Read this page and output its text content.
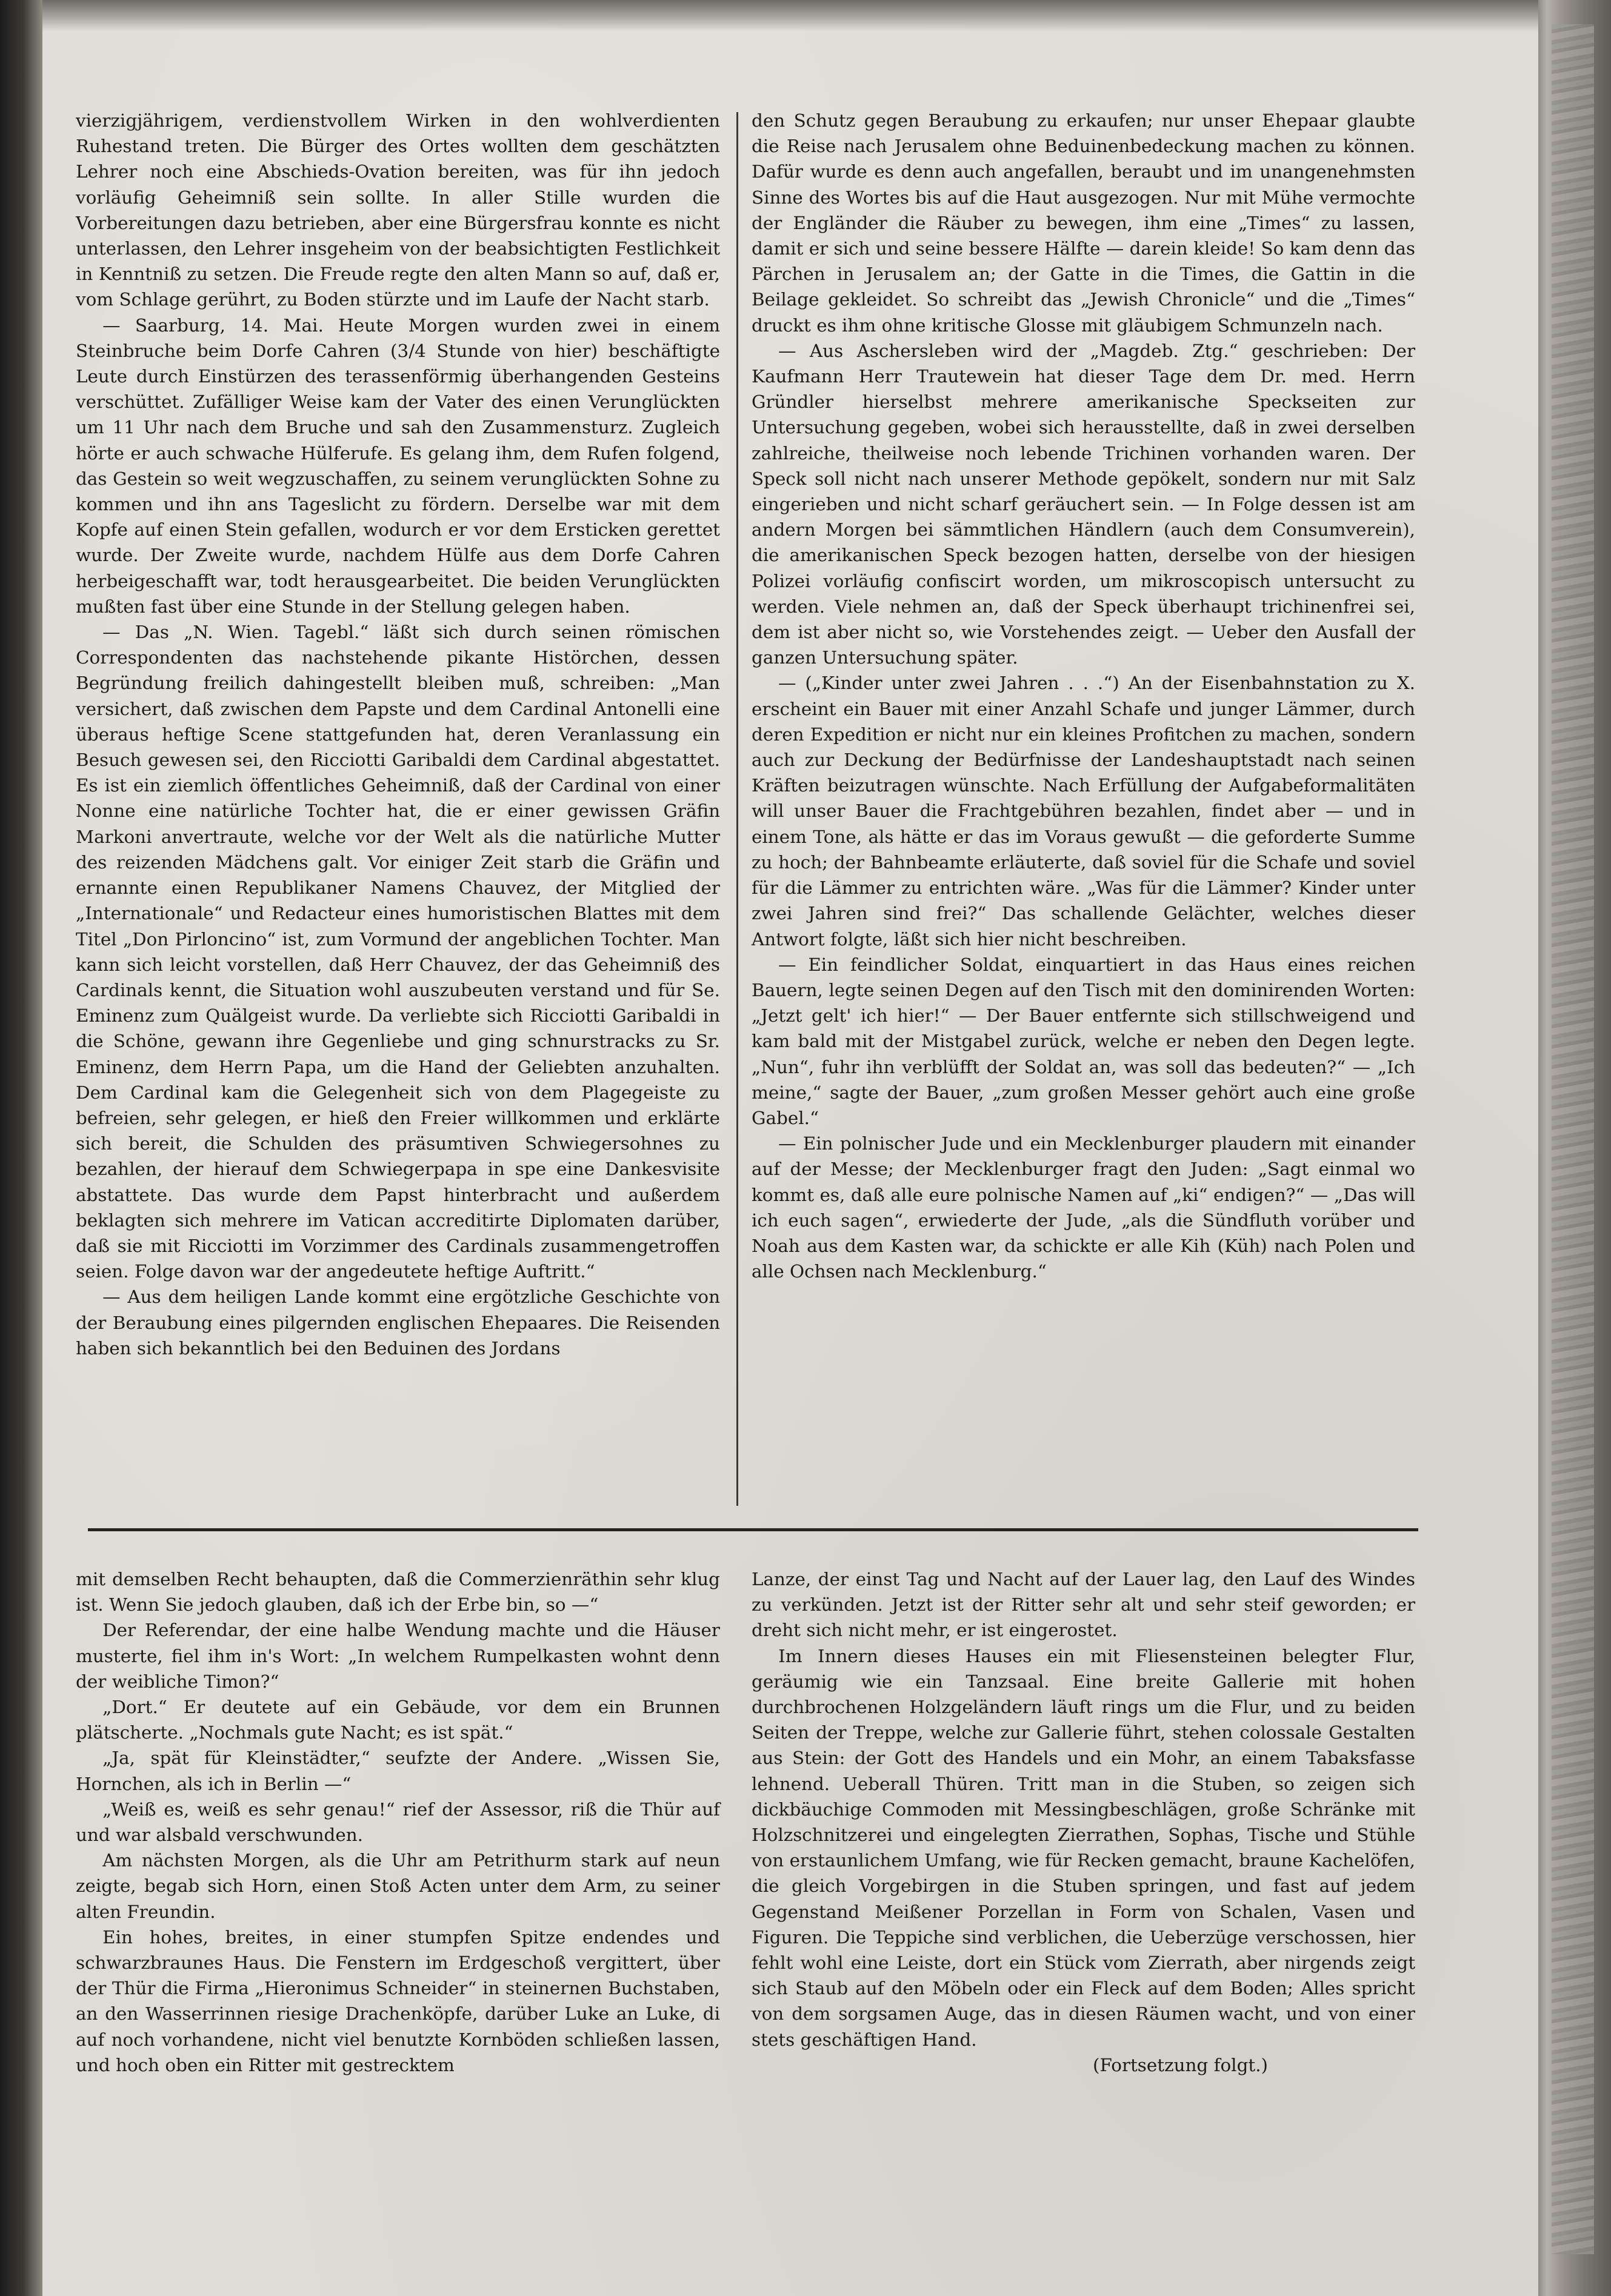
vierzigjährigem, verdienstvollem Wirken in den wohlverdienten Ruhestand treten. Die Bürger des Ortes wollten dem geschätzten Lehrer noch eine Abschieds-Ovation bereiten, was für ihn jedoch vorläufig Geheimniß sein sollte. In aller Stille wurden die Vorbereitungen dazu betrieben, aber eine Bürgersfrau konnte es nicht unterlassen, den Lehrer insgeheim von der beabsichtigten Festlichkeit in Kenntniß zu setzen. Die Freude regte den alten Mann so auf, daß er, vom Schlage gerührt, zu Boden stürzte und im Laufe der Nacht starb.

— Saarburg, 14. Mai. Heute Morgen wurden zwei in einem Steinbruche beim Dorfe Cahren (3/4 Stunde von hier) beschäftigte Leute durch Einstürzen des terassenförmig überhangenden Gesteins verschüttet. Zufälliger Weise kam der Vater des einen Verunglückten um 11 Uhr nach dem Bruche und sah den Zusammensturz. Zugleich hörte er auch schwache Hülferufe. Es gelang ihm, dem Rufen folgend, das Gestein so weit wegzuschaffen, zu seinem verunglückten Sohne zu kommen und ihn ans Tageslicht zu fördern. Derselbe war mit dem Kopfe auf einen Stein gefallen, wodurch er vor dem Ersticken gerettet wurde. Der Zweite wurde, nachdem Hülfe aus dem Dorfe Cahren herbeigeschafft war, todt herausgearbeitet. Die beiden Verunglückten mußten fast über eine Stunde in der Stellung gelegen haben.

— Das „N. Wien. Tagebl.“ läßt sich durch seinen römischen Correspondenten das nachstehende pikante Histörchen, dessen Begründung freilich dahingestellt bleiben muß, schreiben: „Man versichert, daß zwischen dem Papste und dem Cardinal Antonelli eine überaus heftige Scene stattgefunden hat, deren Veranlassung ein Besuch gewesen sei, den Ricciotti Garibaldi dem Cardinal abgestattet. Es ist ein ziemlich öffentliches Geheimniß, daß der Cardinal von einer Nonne eine natürliche Tochter hat, die er einer gewissen Gräfin Markoni anvertraute, welche vor der Welt als die natürliche Mutter des reizenden Mädchens galt. Vor einiger Zeit starb die Gräfin und ernannte einen Republikaner Namens Chauvez, der Mitglied der „Internationale“ und Redacteur eines humoristischen Blattes mit dem Titel „Don Pirloncino“ ist, zum Vormund der angeblichen Tochter. Man kann sich leicht vorstellen, daß Herr Chauvez, der das Geheimniß des Cardinals kennt, die Situation wohl auszubeuten verstand und für Se. Eminenz zum Quälgeist wurde. Da verliebte sich Ricciotti Garibaldi in die Schöne, gewann ihre Gegenliebe und ging schnurstracks zu Sr. Eminenz, dem Herrn Papa, um die Hand der Geliebten anzuhalten. Dem Cardinal kam die Gelegenheit sich von dem Plagegeiste zu befreien, sehr gelegen, er hieß den Freier willkommen und erklärte sich bereit, die Schulden des präsumtiven Schwiegersohnes zu bezahlen, der hierauf dem Schwiegerpapa in spe eine Dankesvisite abstattete. Das wurde dem Papst hinterbracht und außerdem beklagten sich mehrere im Vatican accreditirte Diplomaten darüber, daß sie mit Ricciotti im Vorzimmer des Cardinals zusammengetroffen seien. Folge davon war der angedeutete heftige Auftritt.“

— Aus dem heiligen Lande kommt eine ergötzliche Geschichte von der Beraubung eines pilgernden englischen Ehepaares. Die Reisenden haben sich bekanntlich bei den Beduinen des Jordans

den Schutz gegen Beraubung zu erkaufen; nur unser Ehepaar glaubte die Reise nach Jerusalem ohne Beduinenbedeckung machen zu können. Dafür wurde es denn auch angefallen, beraubt und im unangenehmsten Sinne des Wortes bis auf die Haut ausgezogen. Nur mit Mühe vermochte der Engländer die Räuber zu bewegen, ihm eine „Times“ zu lassen, damit er sich und seine bessere Hälfte — darein kleide! So kam denn das Pärchen in Jerusalem an; der Gatte in die Times, die Gattin in die Beilage gekleidet. So schreibt das „Jewish Chronicle“ und die „Times“ druckt es ihm ohne kritische Glosse mit gläubigem Schmunzeln nach.

— Aus Aschersleben wird der „Magdeb. Ztg.“ geschrieben: Der Kaufmann Herr Trautewein hat dieser Tage dem Dr. med. Herrn Gründler hierselbst mehrere amerikanische Speckseiten zur Untersuchung gegeben, wobei sich herausstellte, daß in zwei derselben zahlreiche, theilweise noch lebende Trichinen vorhanden waren. Der Speck soll nicht nach unserer Methode gepökelt, sondern nur mit Salz eingerieben und nicht scharf geräuchert sein. — In Folge dessen ist am andern Morgen bei sämmtlichen Händlern (auch dem Consumverein), die amerikanischen Speck bezogen hatten, derselbe von der hiesigen Polizei vorläufig confiscirt worden, um mikroscopisch untersucht zu werden. Viele nehmen an, daß der Speck überhaupt trichinenfrei sei, dem ist aber nicht so, wie Vorstehendes zeigt. — Ueber den Ausfall der ganzen Untersuchung später.

— („Kinder unter zwei Jahren . . .“) An der Eisenbahnstation zu X. erscheint ein Bauer mit einer Anzahl Schafe und junger Lämmer, durch deren Expedition er nicht nur ein kleines Profitchen zu machen, sondern auch zur Deckung der Bedürfnisse der Landeshauptstadt nach seinen Kräften beizutragen wünschte. Nach Erfüllung der Aufgabeformalitäten will unser Bauer die Frachtgebühren bezahlen, findet aber — und in einem Tone, als hätte er das im Voraus gewußt — die geforderte Summe zu hoch; der Bahnbeamte erläuterte, daß soviel für die Schafe und soviel für die Lämmer zu entrichten wäre. „Was für die Lämmer? Kinder unter zwei Jahren sind frei?“ Das schallende Gelächter, welches dieser Antwort folgte, läßt sich hier nicht beschreiben.

— Ein feindlicher Soldat, einquartiert in das Haus eines reichen Bauern, legte seinen Degen auf den Tisch mit den dominirenden Worten: „Jetzt gelt' ich hier!“ — Der Bauer entfernte sich stillschweigend und kam bald mit der Mistgabel zurück, welche er neben den Degen legte. „Nun“, fuhr ihn verblüfft der Soldat an, was soll das bedeuten?“ — „Ich meine,“ sagte der Bauer, „zum großen Messer gehört auch eine große Gabel.“

— Ein polnischer Jude und ein Mecklenburger plaudern mit einander auf der Messe; der Mecklenburger fragt den Juden: „Sagt einmal wo kommt es, daß alle eure polnische Namen auf „ki“ endigen?“ — „Das will ich euch sagen“, erwiederte der Jude, „als die Sündfluth vorüber und Noah aus dem Kasten war, da schickte er alle Kih (Küh) nach Polen und alle Ochsen nach Mecklenburg.“

mit demselben Recht behaupten, daß die Commerzienräthin sehr klug ist. Wenn Sie jedoch glauben, daß ich der Erbe bin, so —“

Der Referendar, der eine halbe Wendung machte und die Häuser musterte, fiel ihm in's Wort: „In welchem Rumpelkasten wohnt denn der weibliche Timon?“

„Dort.“ Er deutete auf ein Gebäude, vor dem ein Brunnen plätscherte. „Nochmals gute Nacht; es ist spät.“

„Ja, spät für Kleinstädter,“ seufzte der Andere. „Wissen Sie, Hornchen, als ich in Berlin —“

„Weiß es, weiß es sehr genau!“ rief der Assessor, riß die Thür auf und war alsbald verschwunden.

Am nächsten Morgen, als die Uhr am Petrithurm stark auf neun zeigte, begab sich Horn, einen Stoß Acten unter dem Arm, zu seiner alten Freundin.

Ein hohes, breites, in einer stumpfen Spitze endendes und schwarzbraunes Haus. Die Fenstern im Erdgeschoß vergittert, über der Thür die Firma „Hieronimus Schneider“ in steinernen Buchstaben, an den Wasserrinnen riesige Drachenköpfe, darüber Luke an Luke, di auf noch vorhandene, nicht viel benutzte Kornböden schließen lassen, und hoch oben ein Ritter mit gestrecktem

Lanze, der einst Tag und Nacht auf der Lauer lag, den Lauf des Windes zu verkünden. Jetzt ist der Ritter sehr alt und sehr steif geworden; er dreht sich nicht mehr, er ist eingerostet.

Im Innern dieses Hauses ein mit Fliesensteinen belegter Flur, geräumig wie ein Tanzsaal. Eine breite Gallerie mit hohen durchbrochenen Holzgeländern läuft rings um die Flur, und zu beiden Seiten der Treppe, welche zur Gallerie führt, stehen colossale Gestalten aus Stein: der Gott des Handels und ein Mohr, an einem Tabaksfasse lehnend. Ueberall Thüren. Tritt man in die Stuben, so zeigen sich dickbäuchige Commoden mit Messingbeschlägen, große Schränke mit Holzschnitzerei und eingelegten Zierrathen, Sophas, Tische und Stühle von erstaunlichem Umfang, wie für Recken gemacht, braune Kachelöfen, die gleich Vorgebirgen in die Stuben springen, und fast auf jedem Gegenstand Meißener Porzellan in Form von Schalen, Vasen und Figuren. Die Teppiche sind verblichen, die Ueberzüge verschossen, hier fehlt wohl eine Leiste, dort ein Stück vom Zierrath, aber nirgends zeigt sich Staub auf den Möbeln oder ein Fleck auf dem Boden; Alles spricht von dem sorgsamen Auge, das in diesen Räumen wacht, und von einer stets geschäftigen Hand.

(Fortsetzung folgt.)
